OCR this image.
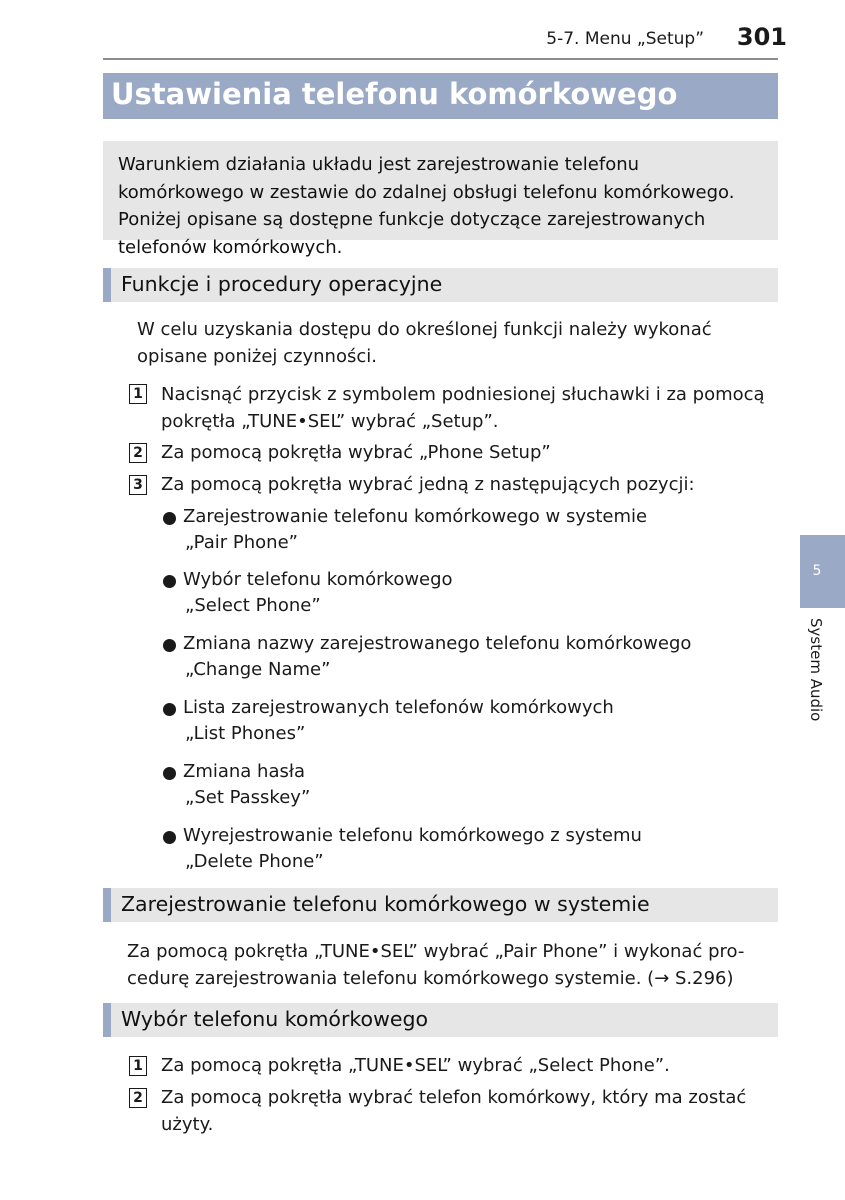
5-7. Menu „Setup” 301
Ustawienia telefonu komórkowego

Warunkiem działania układu jest zarejestrowanie telefonu komórkowego w zestawie do zdalnej obsługi telefonu komórkowego. Poniżej opisane są dostępne funkcje dotyczące zarejestrowanych telefonów komórkowych.

Funkcje i procedury operacyjne

W celu uzyskania dostępu do określonej funkcji należy wykonać opisane poniżej czynności.

1 Nacisnąć przycisk z symbolem podniesionej słuchawki i za pomocą pokrętła „TUNE•SEL” wybrać „Setup”.

2 Za pomocą pokrętła wybrać „Phone Setup”

3 Za pomocą pokrętła wybrać jedną z następujących pozycji:

Zarejestrowanie telefonu komórkowego w systemie

„Pair Phone”

Wybór telefonu komórkowego

„Select Phone”

Zmiana nazwy zarejestrowanego telefonu komórkowego

„Change Name”

Lista zarejestrowanych telefonów komórkowych

„List Phones”

Zmiana hasła

„Set Passkey”

Wyrejestrowanie telefonu komórkowego z systemu

„Delete Phone”

Zarejestrowanie telefonu komórkowego w systemie

Za pomocą pokrętła „TUNE•SEL” wybrać „Pair Phone” i wykonać pro-

cedurę zarejestrowania telefonu komórkowego systemie. (→ S.296)

Wybór telefonu komórkowego
1 Za pomocą pokrętła „TUNE•SEL” wybrać „Select Phone”.

2 Za pomocą pokrętła wybrać telefon komórkowy, który ma zostać użyty.

5
System Audio
